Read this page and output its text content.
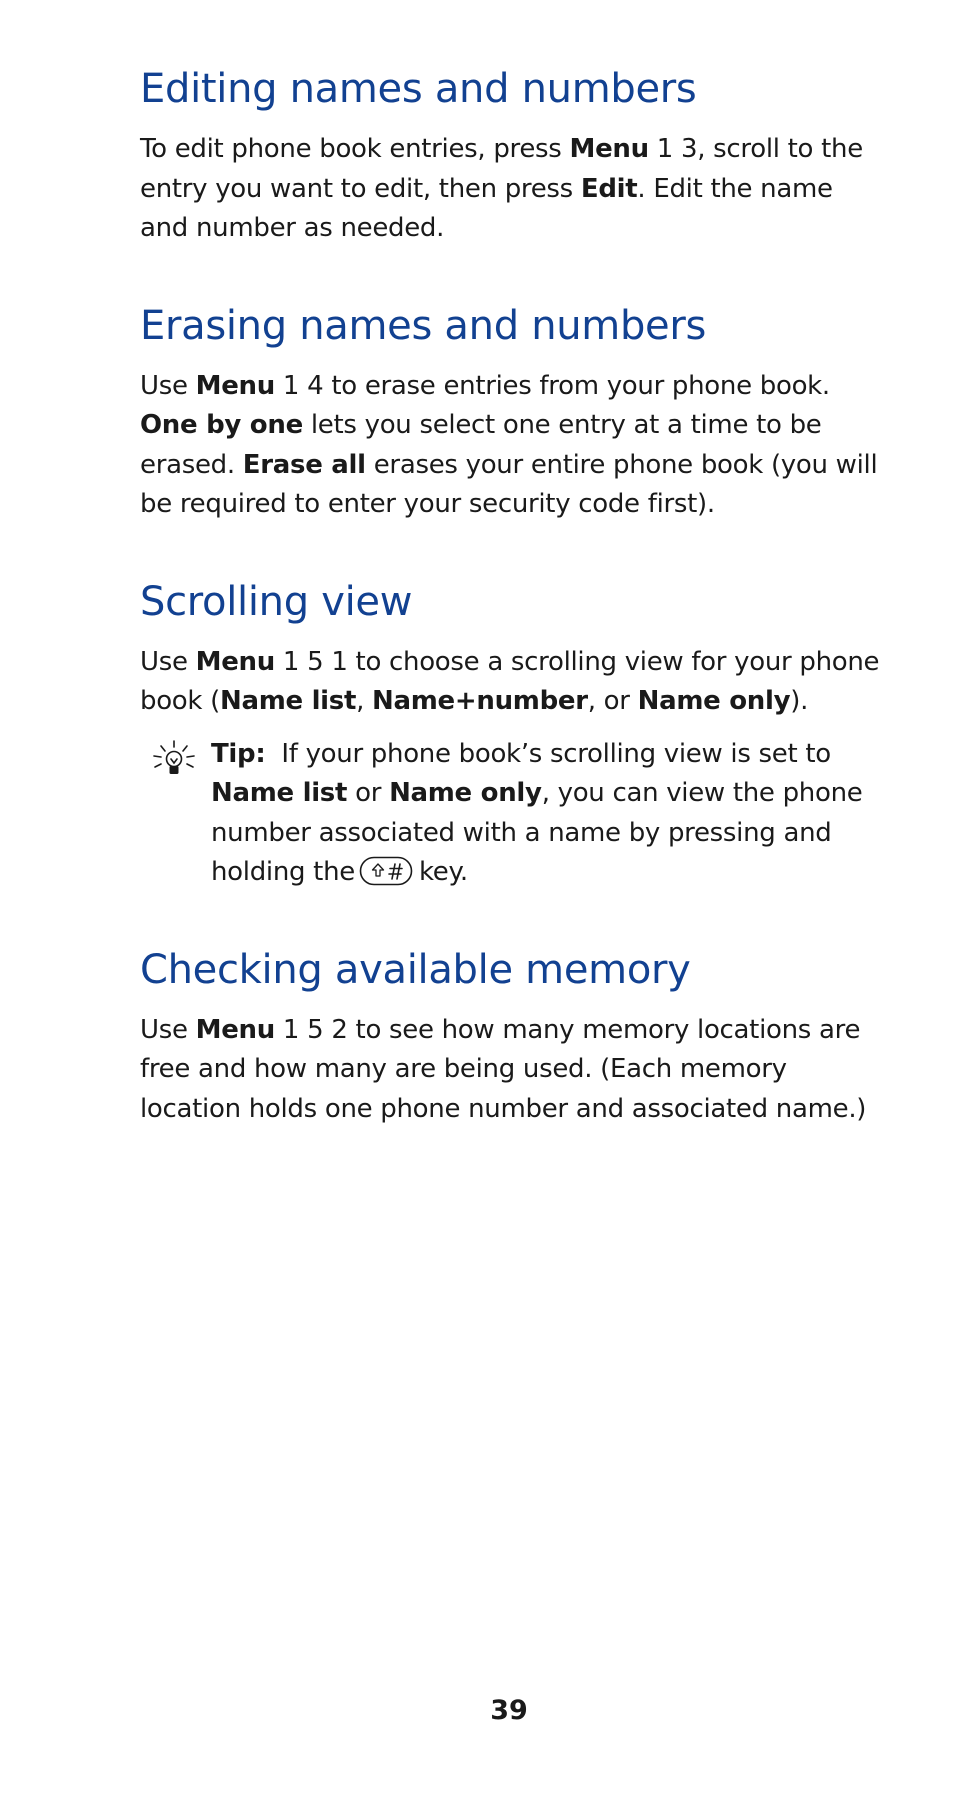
Editing names and numbers

To edit phone book entries, press Menu 1 3, scroll to the entry you want to edit, then press Edit. Edit the name and number as needed.

Erasing names and numbers

Use Menu 1 4 to erase entries from your phone book. One by one lets you select one entry at a time to be erased. Erase all erases your entire phone book (you will be required to enter your security code first).

Scrolling view

Use Menu 1 5 1 to choose a scrolling view for your phone book (Name list, Name+number, or Name only).

Tip:  If your phone book’s scrolling view is set to Name list or Name only, you can view the phone number associated with a name by pressing and holding the key.
Checking available memory

Use Menu 1 5 2 to see how many memory locations are free and how many are being used. (Each memory location holds one phone number and associated name.)

39
